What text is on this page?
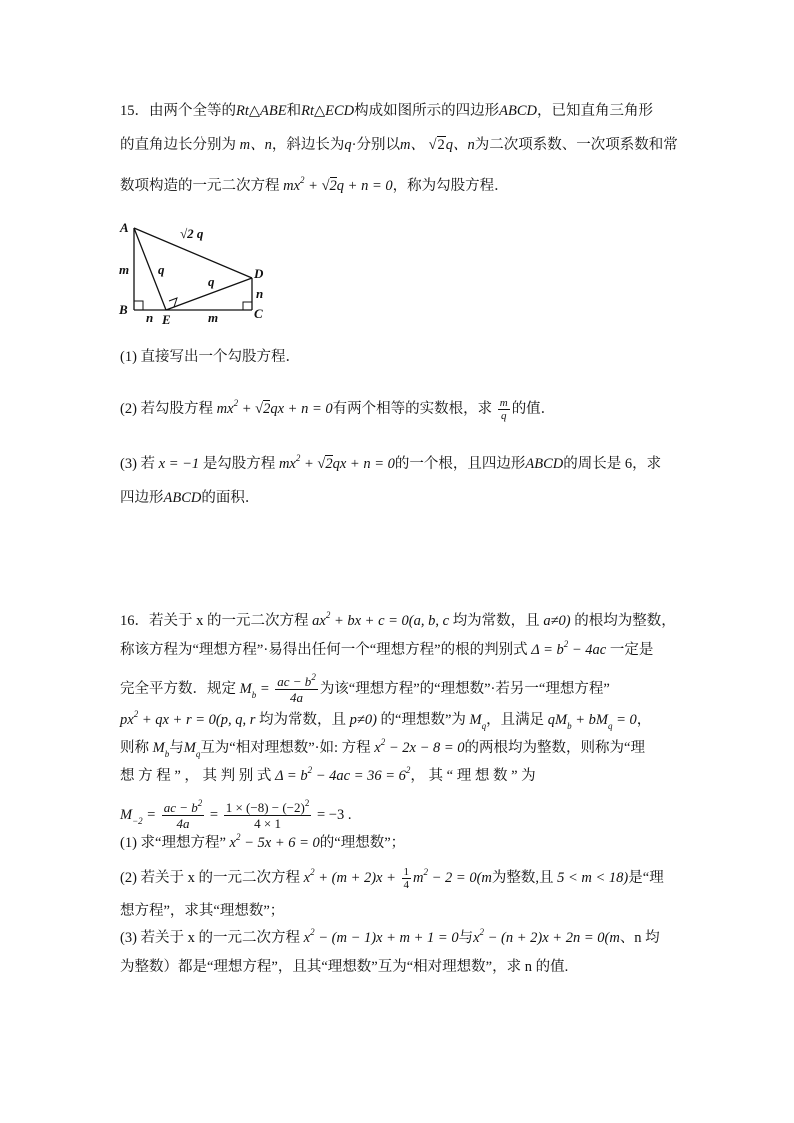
15．由两个全等的Rt△ABE和Rt△ECD构成如图所示的四边形ABCD，已知直角三角形
的直角边长分别为 m、n，斜边长为q·分别以m、 √2q、n为二次项系数、一次项系数和常
数项构造的一元二次方程 $mx^2 + √2q + n = 0$，称为勾股方程．
A
B
E	C
D
m
n	m
n
q
q
√2 q
(1) 直接写出一个勾股方程．
(2) 若勾股方程 $mx^2 + √2qx + n = 0$有两个相等的实数根，求 $\frac{m}{q}$ 的值．
(3) 若 x = −1 是勾股方程 $mx^2 + √2qx + n = 0$的一个根，且四边形ABCD的周长是 6，求
四边形ABCD的面积．
16．若关于 x 的一元二次方程 $ax^2$ + bx + c = 0(a, b, c 均为常数，且 a≠0) 的根均为整数，
称该方程为“理想方程”·易得出任何一个“理想方程”的根的判别式 $\Delta = b^2 - 4ac$ 一定是
完全平方数．规定 $M_b = \frac{ac - b^2}{4a}$ 为该“理想方程”的“理想数”·若另一“理想方程”
$px^2$ + qx + r = 0(p, q, r 均为常数，且 p≠0) 的“理想数”为 $M_q$，且满足 $qM_b + bM_q = 0$，
则称 $M_b$与$M_q$互为“相对理想数”·如: 方程 $x^2 - 2x - 8 = 0$的两根均为整数，则称为“理
想 方 程 ” ， 其 判 别 式 $\Delta = b^2 - 4ac = 36 = 6^2$， 其 “ 理 想 数 ” 为
$M_{-2} = \frac{ac - b^2}{4a} = \frac{1 \times (-8) - (-2)^2}{4 \times 1} = -3$ .
(1) 求“理想方程” $x^2 - 5x + 6 = 0$的“理想数”；
(2) 若关于 x 的一元二次方程 $x^2 + (m + 2)x + \frac{1}{4} m^2 - 2 = 0(m$为整数,且 5 < m < 18)是“理
想方程”，求其“理想数”；
(3) 若关于 x 的一元二次方程 $x^2 - (m - 1)x + m + 1 = 0$与$x^2 - (n + 2)x + 2n = 0(m$、n 均
为整数）都是“理想方程”，且其“理想数”互为“相对理想数”，求 n 的值.
